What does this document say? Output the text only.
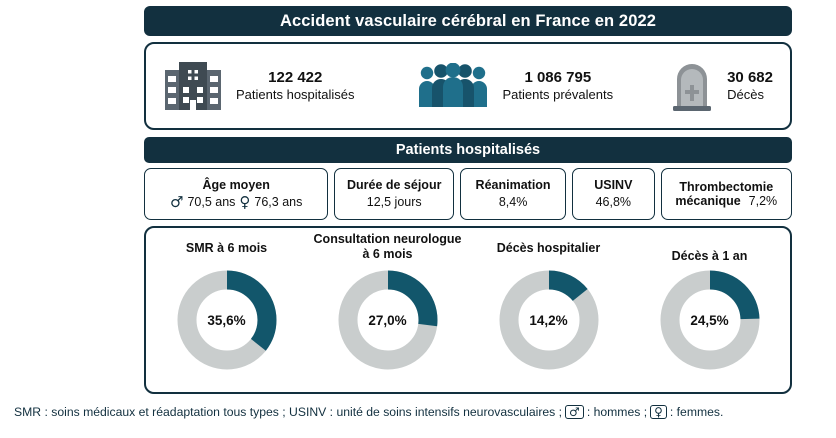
Accident vasculaire cérébral en France en 2022
122 422
Patients hospitalisés
1 086 795
Patients prévalents
30 682
Décès
Patients hospitalisés
Âge moyen
♂ 70,5 ans ♀ 76,3 ans
Durée de séjour
12,5 jours
Réanimation
8,4%
USINV
46,8%
Thrombectomie
mécanique 7,2%
SMR à 6 mois
35,6%
Consultation neurologue à 6 mois
27,0%
Décès hospitalier
14,2%
Décès à 1 an
24,5%
SMR : soins médicaux et réadaptation tous types ; USINV : unité de soins intensifs neurovasculaires ; ♂ : hommes ; ♀ : femmes.
